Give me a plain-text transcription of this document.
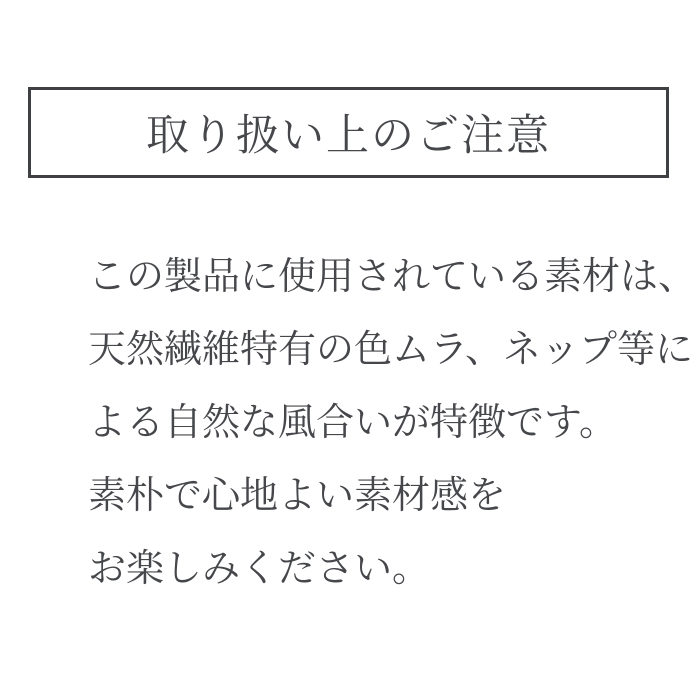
取り扱い上のご注意

この製品に使用されている素材は、

天然繊維特有の色ムラ、ネップ等に

よる自然な風合いが特徴です。

素朴で心地よい素材感を

お楽しみください。
